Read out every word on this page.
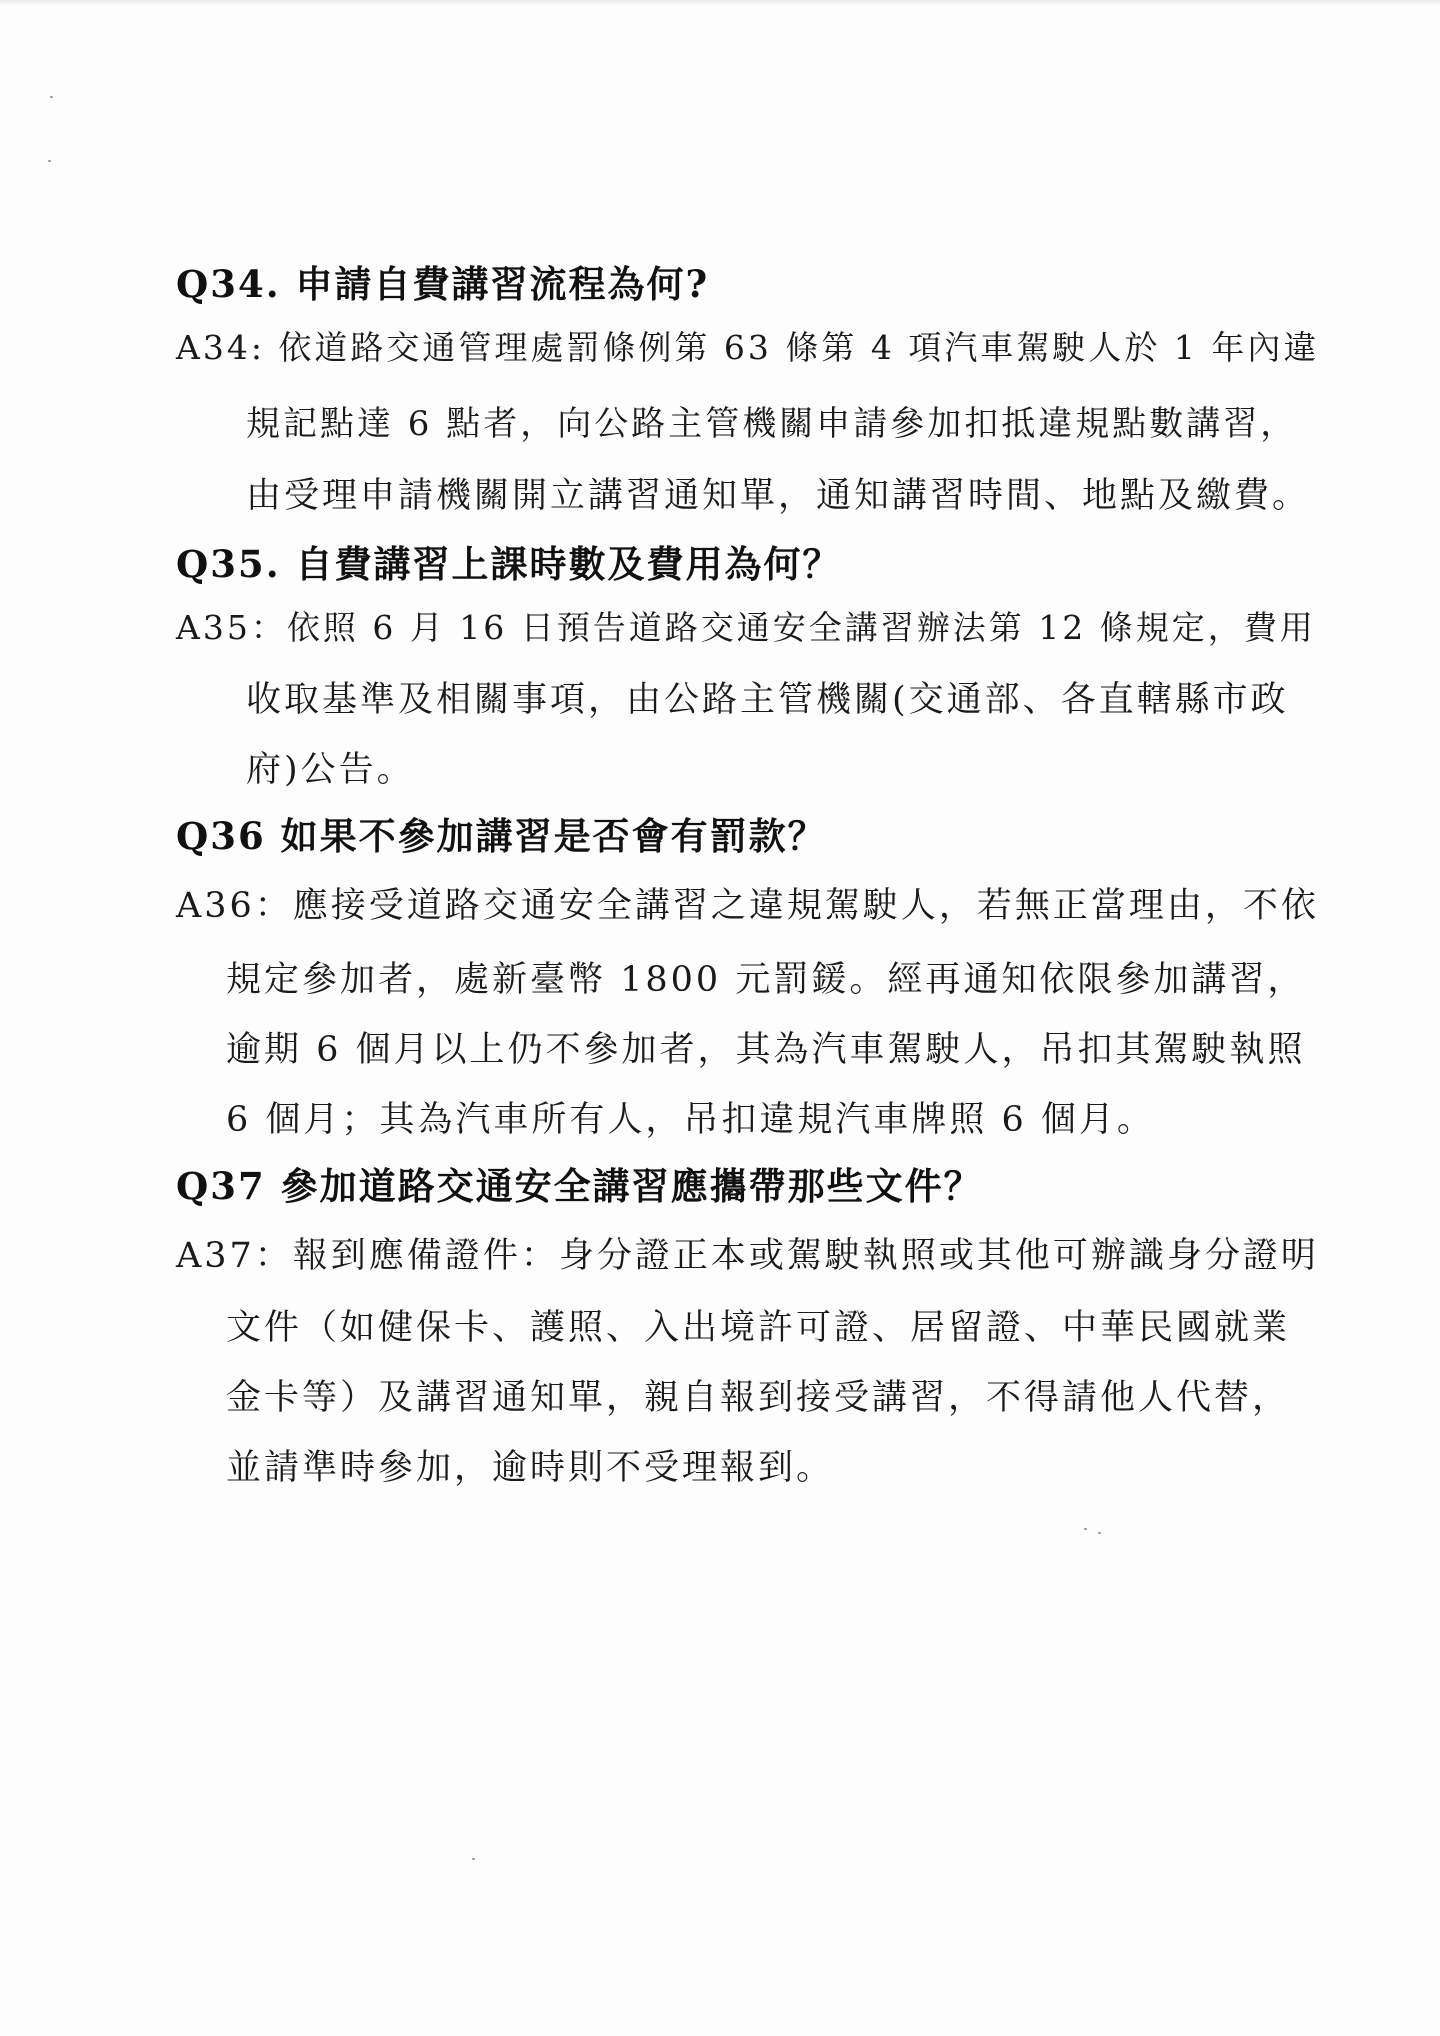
Q34. 申請自費講習流程為何?
A34: 依道路交通管理處罰條例第 63 條第 4 項汽車駕駛人於 1 年內違
規記點達 6 點者，向公路主管機關申請參加扣抵違規點數講習，
由受理申請機關開立講習通知單，通知講習時間、地點及繳費。
Q35. 自費講習上課時數及費用為何？
A35：依照 6 月 16 日預告道路交通安全講習辦法第 12 條規定，費用
收取基準及相關事項，由公路主管機關(交通部、各直轄縣市政
府)公告。
Q36 如果不參加講習是否會有罰款？
A36：應接受道路交通安全講習之違規駕駛人，若無正當理由，不依
規定參加者，處新臺幣 1800 元罰鍰。經再通知依限參加講習，
逾期 6 個月以上仍不參加者，其為汽車駕駛人，吊扣其駕駛執照
6 個月；其為汽車所有人，吊扣違規汽車牌照 6 個月。
Q37 參加道路交通安全講習應攜帶那些文件？
A37：報到應備證件：身分證正本或駕駛執照或其他可辦識身分證明
文件（如健保卡、護照、入出境許可證、居留證、中華民國就業
金卡等）及講習通知單，親自報到接受講習，不得請他人代替，
並請準時參加，逾時則不受理報到。
